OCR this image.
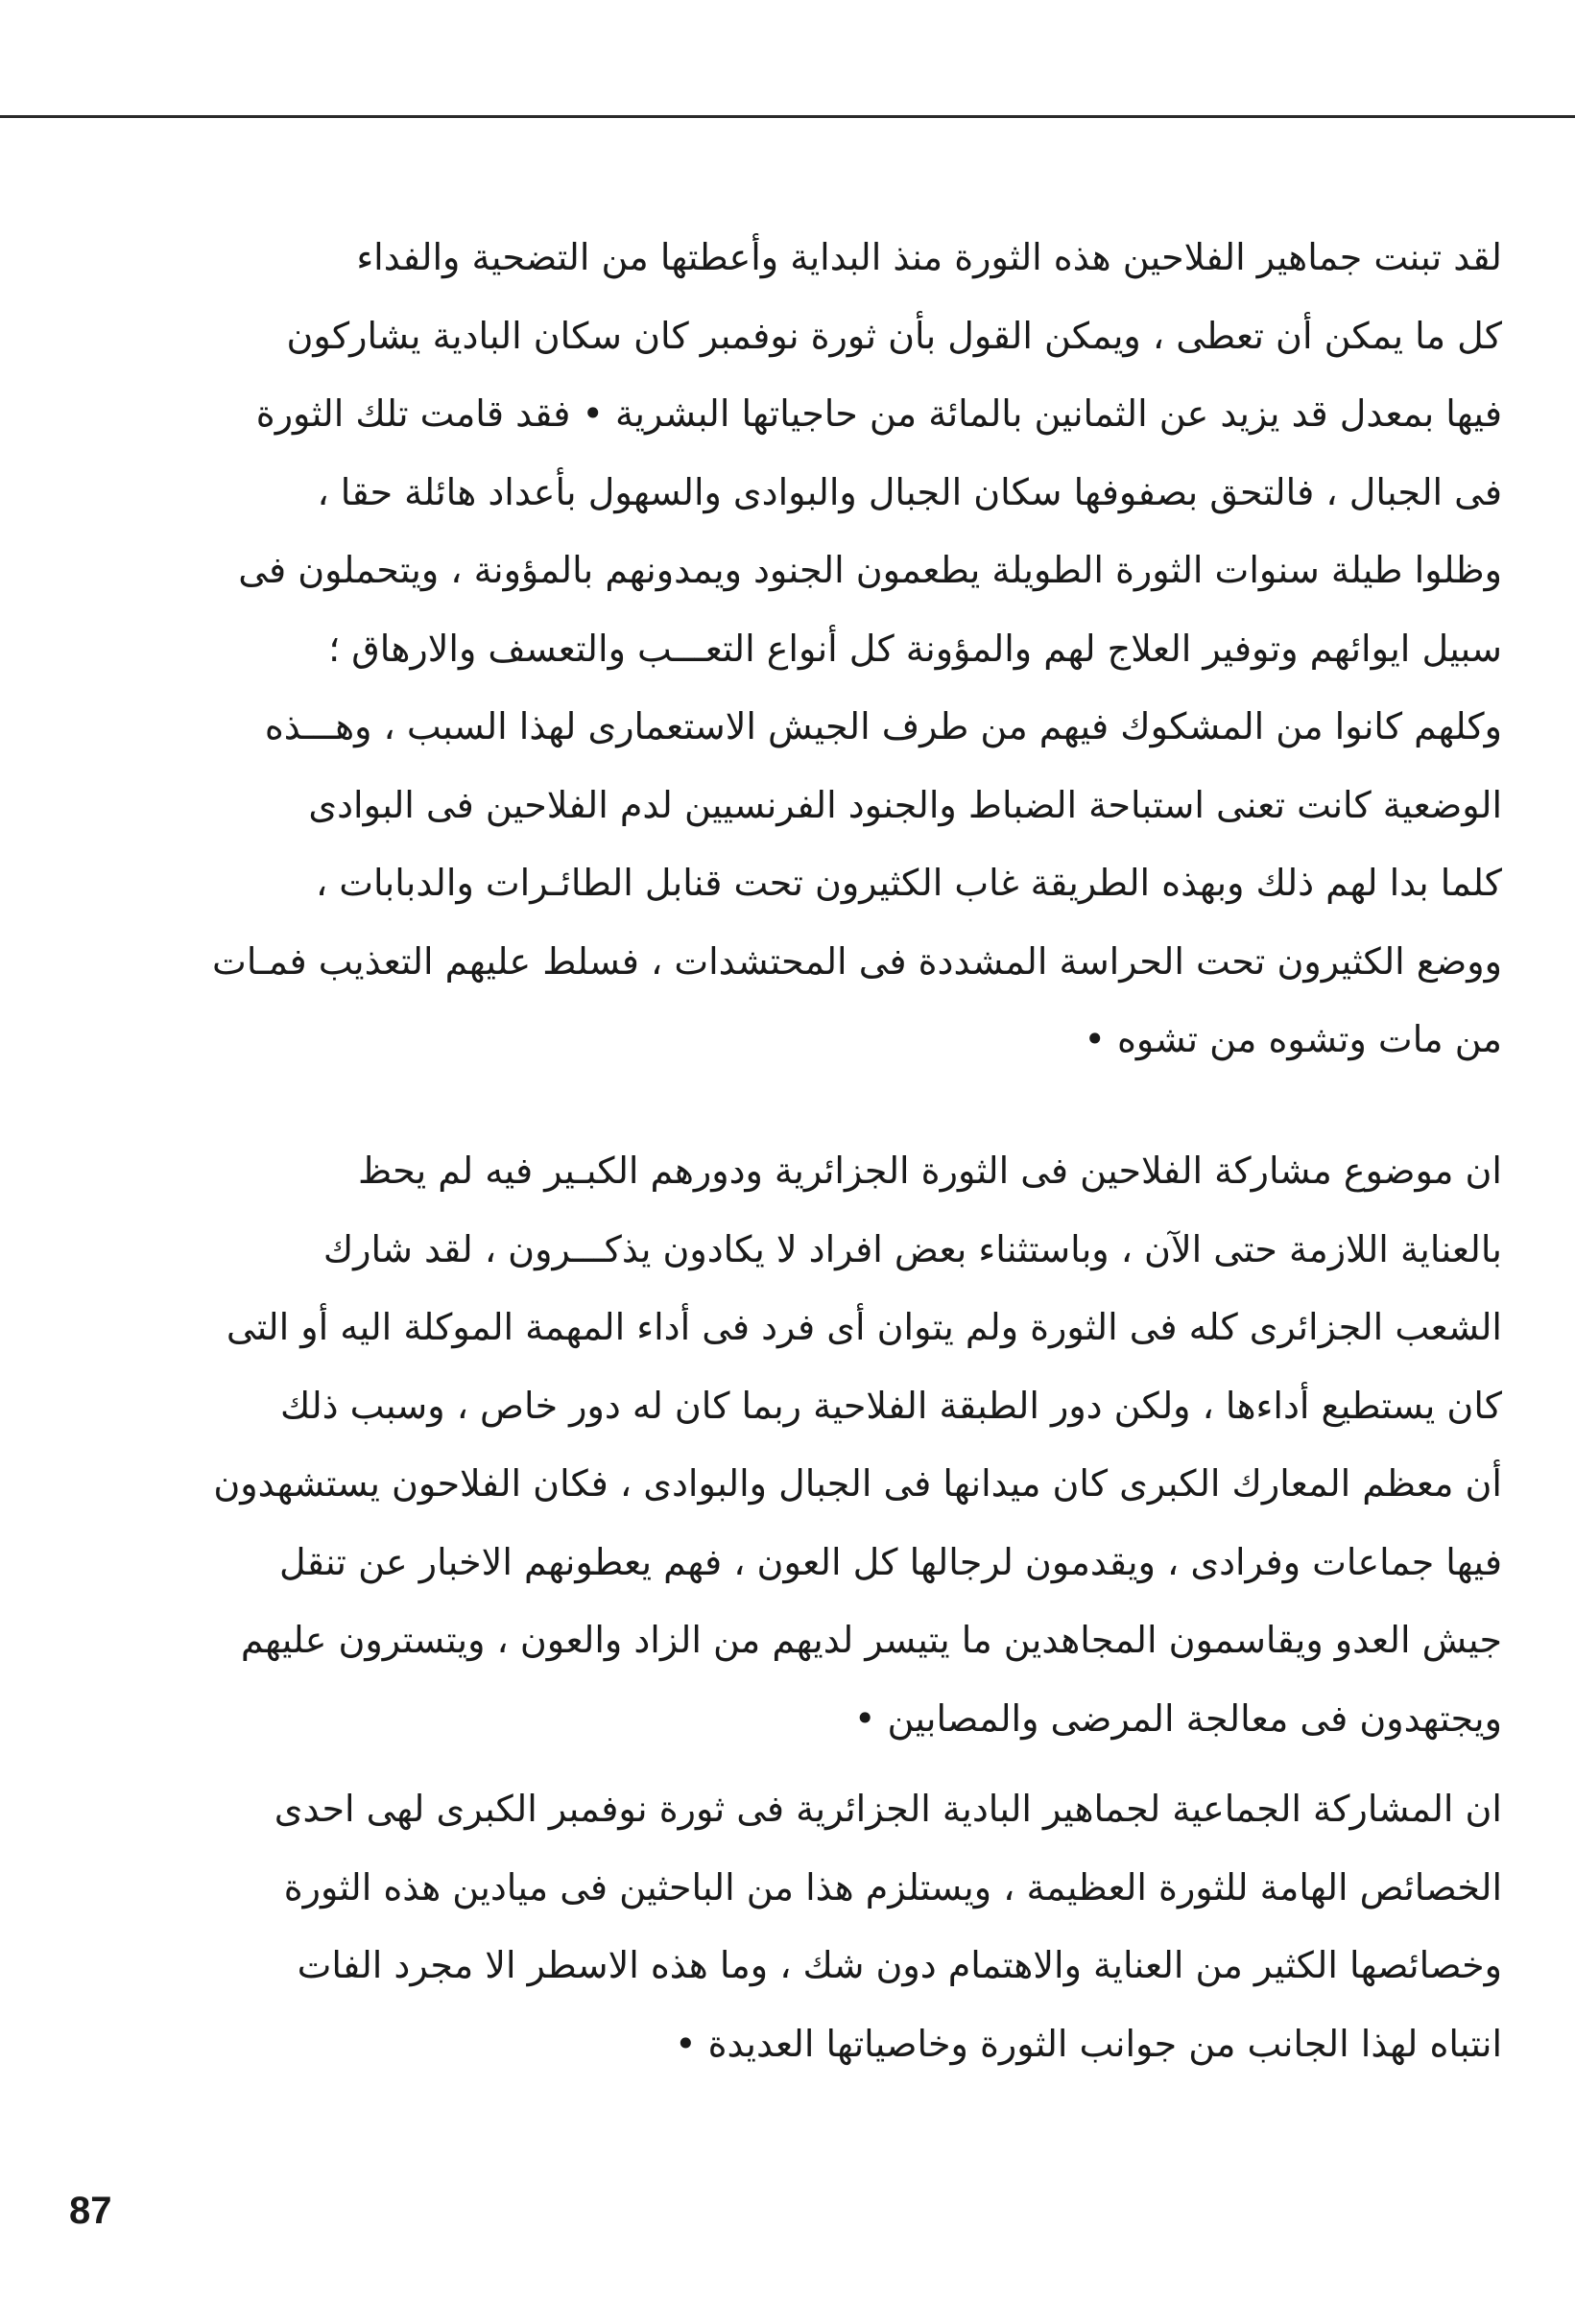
لقد تبنت جماهير الفلاحين هذه الثورة منذ البداية وأعطتها من التضحية والفداء
كل ما يمكن أن تعطى ، ويمكن القول بأن ثورة نوفمبر كان سكان البادية يشاركون
فيها بمعدل قد يزيد عن الثمانين بالمائة من حاجياتها البشرية • فقد قامت تلك الثورة
فى الجبال ، فالتحق بصفوفها سكان الجبال والبوادى والسهول بأعداد هائلة حقا ،
وظلوا طيلة سنوات الثورة الطويلة يطعمون الجنود ويمدونهم بالمؤونة ، ويتحملون فى
سبيل ايوائهم وتوفير العلاج لهم والمؤونة كل أنواع التعـــب والتعسف والارهاق ؛
وكلهم كانوا من المشكوك فيهم من طرف الجيش الاستعمارى لهذا السبب ، وهـــذه
الوضعية كانت تعنى استباحة الضباط والجنود الفرنسيين لدم الفلاحين فى البوادى
كلما بدا لهم ذلك وبهذه الطريقة غاب الكثيرون تحت قنابل الطائـرات والدبابات ،
ووضع الكثيرون تحت الحراسة المشددة فى المحتشدات ، فسلط عليهم التعذيب فمـات
من مات وتشوه من تشوه •

ان موضوع مشاركة الفلاحين فى الثورة الجزائرية ودورهم الكبـير فيه لم يحظ
بالعناية اللازمة حتى الآن ، وباستثناء بعض افراد لا يكادون يذكـــرون ، لقد شارك
الشعب الجزائرى كله فى الثورة ولم يتوان أى فرد فى أداء المهمة الموكلة اليه أو التى
كان يستطيع أداءها ، ولكن دور الطبقة الفلاحية ربما كان له دور خاص ، وسبب ذلك
أن معظم المعارك الكبرى كان ميدانها فى الجبال والبوادى ، فكان الفلاحون يستشهدون
فيها جماعات وفرادى ، ويقدمون لرجالها كل العون ، فهم يعطونهم الاخبار عن تنقل
جيش العدو ويقاسمون المجاهدين ما يتيسر لديهم من الزاد والعون ، ويتسترون عليهم
ويجتهدون فى معالجة المرضى والمصابين •

ان المشاركة الجماعية لجماهير البادية الجزائرية فى ثورة نوفمبر الكبرى لهى احدى
الخصائص الهامة للثورة العظيمة ، ويستلزم هذا من الباحثين فى ميادين هذه الثورة
وخصائصها الكثير من العناية والاهتمام دون شك ، وما هذه الاسطر الا مجرد الفات
انتباه لهذا الجانب من جوانب الثورة وخاصياتها العديدة •

87
